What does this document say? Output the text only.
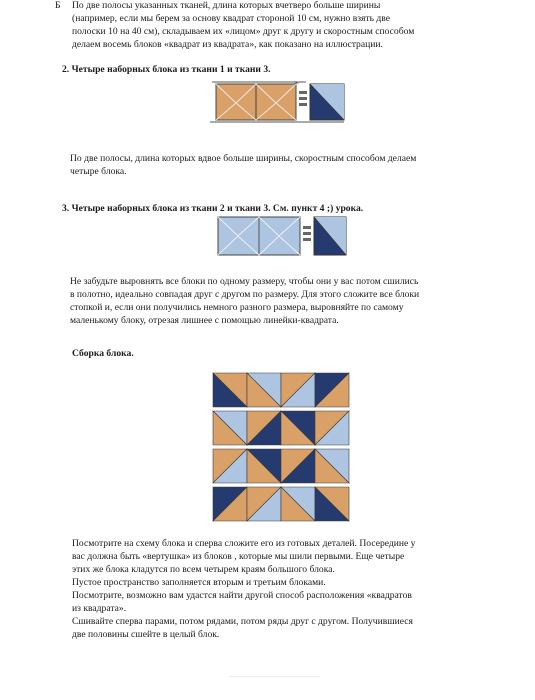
Б По две полосы указанных тканей, длина которых вчетверо больше ширины
(например, если мы берем за основу квадрат стороной 10 см, нужно взять две
полоски 10 на 40 см), складываем их «лицом» друг к другу и скоростным способом
делаем восемь блоков «квадрат из квадрата», как показано на иллюстрации.
2. Четыре наборных блока из ткани 1 и ткани 3.
✂
По две полосы, длина которых вдвое больше ширины, скоростным способом делаем
четыре блока.
3. Четыре наборных блока из ткани 2 и ткани 3. См. пункт 4 ;) урока.
Не забудьте выровнять все блоки по одному размеру, чтобы они у вас потом сшились
в полотно, идеально совпадая друг с другом по размеру. Для этого сложите все блоки
стопкой и, если они получились немного разного размера, выровняйте по самому
маленькому блоку, отрезая лишнее с помощью линейки-квадрата.
Сборка блока.
Посмотрите на схему блока и сперва сложите его из готовых деталей. Посередине у
вас должна быть «вертушка» из блоков , которые мы шили первыми. Еще четыре
этих же блока кладутся по всем четырем краям большого блока.
Пустое пространство заполняется вторым и третьим блоками.
Посмотрите, возможно вам удастся найти другой способ расположения «квадратов
из квадрата».
Сшивайте сперва парами, потом рядами, потом ряды друг с другом. Получившиеся
две половины сшейте в целый блок.
